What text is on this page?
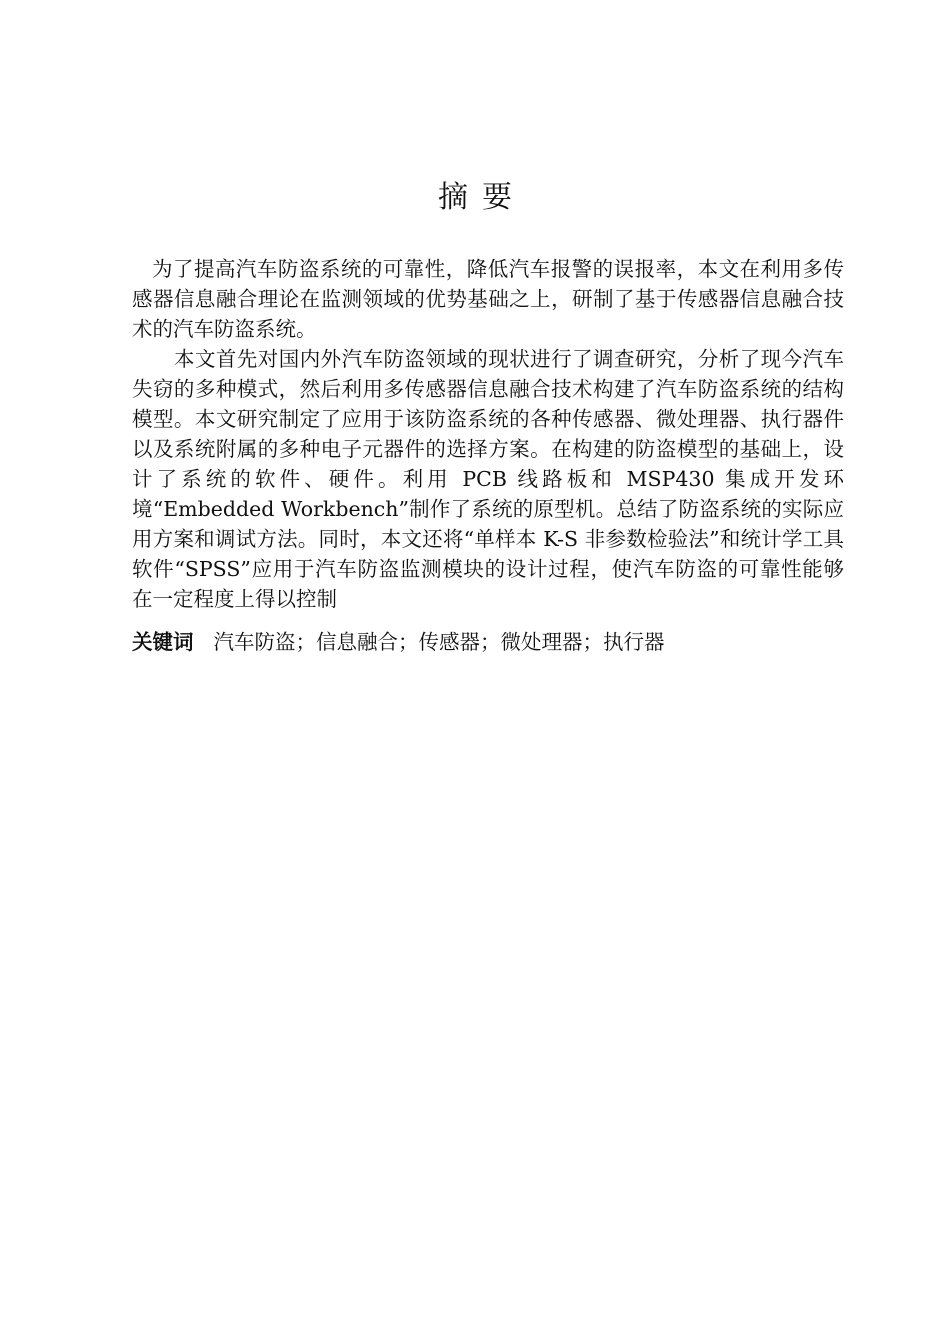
摘要

为了提高汽车防盗系统的可靠性，降低汽车报警的误报率，本文在利用多传感器信息融合理论在监测领域的优势基础之上，研制了基于传感器信息融合技术的汽车防盗系统。

本文首先对国内外汽车防盗领域的现状进行了调查研究，分析了现今汽车失窃的多种模式，然后利用多传感器信息融合技术构建了汽车防盗系统的结构模型。本文研究制定了应用于该防盗系统的各种传感器、微处理器、执行器件以及系统附属的多种电子元器件的选择方案。在构建的防盗模型的基础上，设计了系统的软件、硬件。利用 PCB 线路板和 MSP430 集成开发环境“Embedded Workbench”制作了系统的原型机。总结了防盗系统的实际应用方案和调试方法。同时，本文还将“单样本 K-S 非参数检验法”和统计学工具软件“SPSS”应用于汽车防盗监测模块的设计过程，使汽车防盗的可靠性能够在一定程度上得以控制

关键词 汽车防盗；信息融合；传感器；微处理器；执行器
